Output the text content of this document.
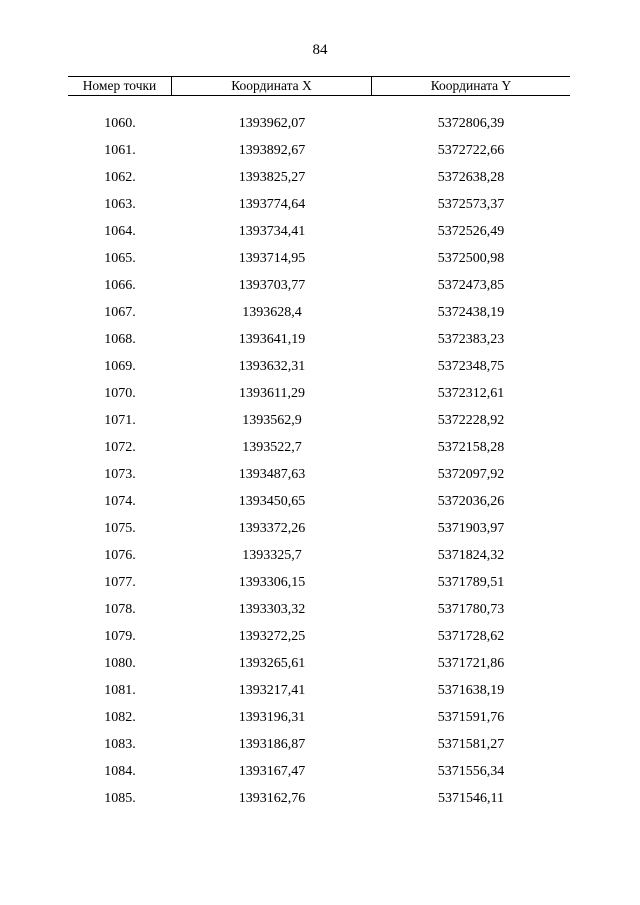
84
Номер точки	Координата X	Координата Y
1060.	1393962,07	5372806,39
1061.	1393892,67	5372722,66
1062.	1393825,27	5372638,28
1063.	1393774,64	5372573,37
1064.	1393734,41	5372526,49
1065.	1393714,95	5372500,98
1066.	1393703,77	5372473,85
1067.	1393628,4	5372438,19
1068.	1393641,19	5372383,23
1069.	1393632,31	5372348,75
1070.	1393611,29	5372312,61
1071.	1393562,9	5372228,92
1072.	1393522,7	5372158,28
1073.	1393487,63	5372097,92
1074.	1393450,65	5372036,26
1075.	1393372,26	5371903,97
1076.	1393325,7	5371824,32
1077.	1393306,15	5371789,51
1078.	1393303,32	5371780,73
1079.	1393272,25	5371728,62
1080.	1393265,61	5371721,86
1081.	1393217,41	5371638,19
1082.	1393196,31	5371591,76
1083.	1393186,87	5371581,27
1084.	1393167,47	5371556,34
1085.	1393162,76	5371546,11
